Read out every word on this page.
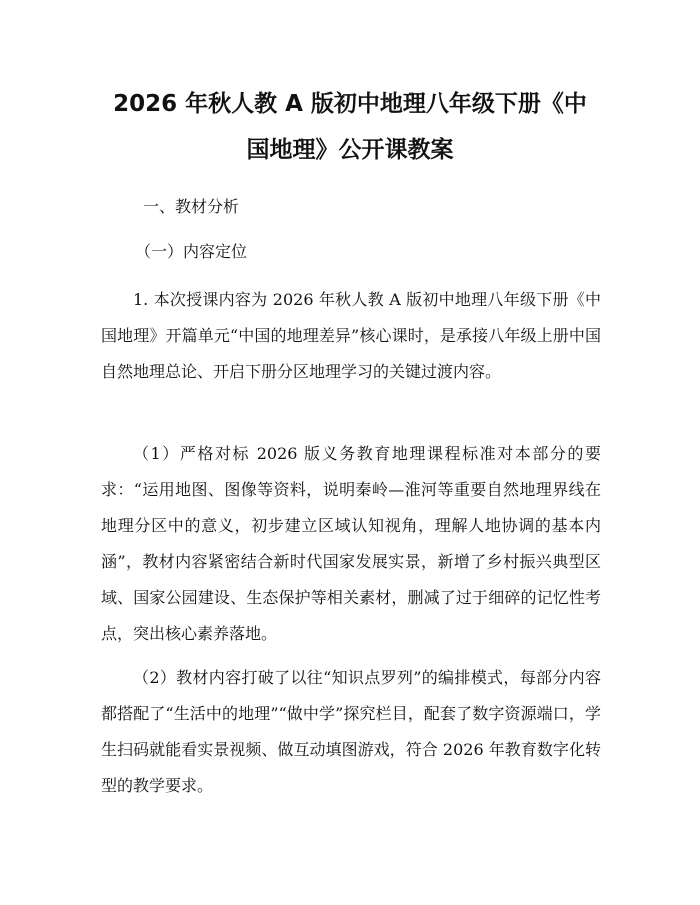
2026 年秋人教 A 版初中地理八年级下册《中
国地理》公开课教案
一、教材分析
（一）内容定位

1. 本次授课内容为 2026 年秋人教 A 版初中地理八年级下册《中国地理》开篇单元“中国的地理差异”核心课时，是承接八年级上册中国自然地理总论、开启下册分区地理学习的关键过渡内容。

（1）严格对标 2026 版义务教育地理课程标准对本部分的要求：“运用地图、图像等资料，说明秦岭—淮河等重要自然地理界线在地理分区中的意义，初步建立区域认知视角，理解人地协调的基本内涵”，教材内容紧密结合新时代国家发展实景，新增了乡村振兴典型区域、国家公园建设、生态保护等相关素材，删减了过于细碎的记忆性考点，突出核心素养落地。

（2）教材内容打破了以往“知识点罗列”的编排模式，每部分内容都搭配了“生活中的地理”“做中学”探究栏目，配套了数字资源端口，学生扫码就能看实景视频、做互动填图游戏，符合 2026 年教育数字化转型的教学要求。
